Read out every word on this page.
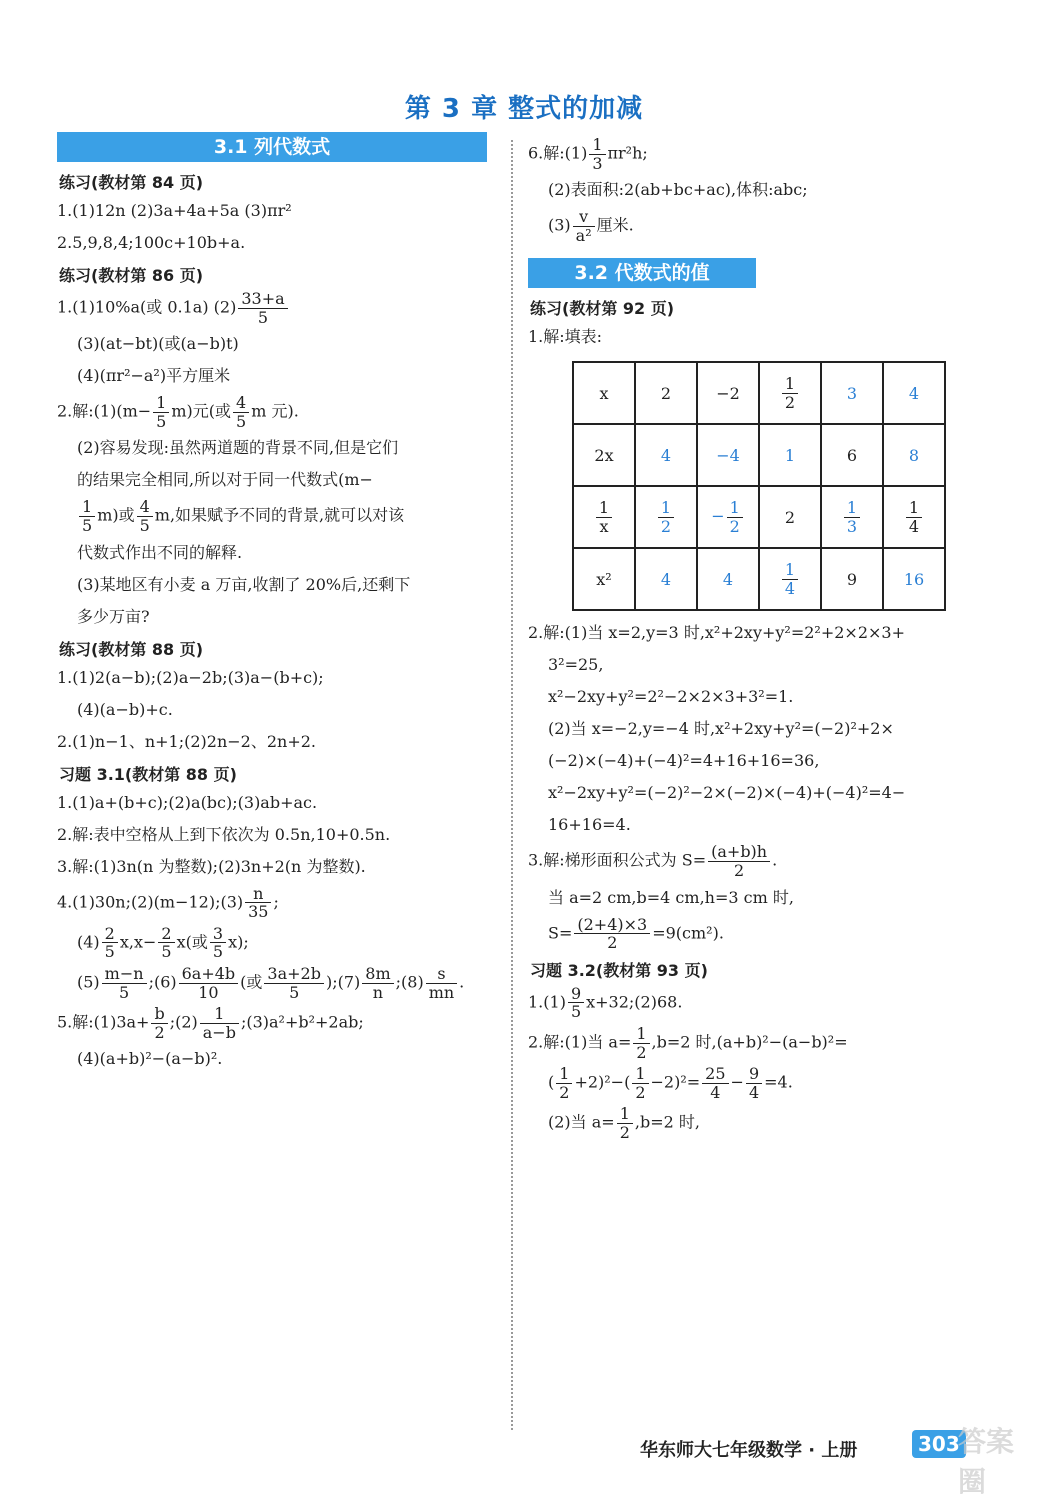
第 3 章 整式的加减
3.1 列代数式
练习(教材第 84 页)
1.(1)12n (2)3a+4a+5a (3)πr²
2.5,9,8,4;100c+10b+a.
练习(教材第 86 页)
1.(1)10%a(或 0.1a) $(2) \frac{33+a}{5}$
(3)(at−bt)(或(a−b)t)
(4)(πr²−a²)平方厘米
2.解:(1)(m− $\frac{1}{5} m$)元(或 $\frac{4}{5}$ m 元).
(2)容易发现:虽然两道题的背景不同,但是它们
的结果完全相同,所以对于同一代数式(m−
$\frac{1}{5} m$)或 $\frac{4}{5} m$,如果赋予不同的背景,就可以对该
代数式作出不同的解释.
(3)某地区有小麦 a 万亩,收割了 20%后,还剩下
多少万亩?
练习(教材第 88 页)
1.(1)2(a−b);(2)a−2b;(3)a−(b+c);
(4)(a−b)+c.
2.(1)n−1、n+1;(2)2n−2、2n+2.
习题 3.1(教材第 88 页)
1.(1)a+(b+c);(2)a(bc);(3)ab+ac.
2.解:表中空格从上到下依次为 0.5n,10+0.5n.
3.解:(1)3n(n 为整数);(2)3n+2(n 为整数).
4.(1)30n;(2)(m−12);(3) $\frac{n}{35}$ ;
$(4) \frac{2}{5} x,x- \frac{2}{5} x$(或 $\frac{3}{5} x$);
$(5) \frac{m-n}{5}$ ;(6) $\frac{6a+4b}{10}$ (或 $\frac{3a+2b}{5}$ );(7) $\frac{8m}{n}$ ;(8) $\frac{s}{mn}$ .
5.解:(1)3a+ $\frac{b}{2}$ ;(2) $\frac{1}{a-b}$ ;(3)a²+b²+2ab;
(4)(a+b)²−(a−b)².
6.解:(1) $\frac{1}{3} \pi r^2h$;
(2)表面积:2(ab+bc+ac),体积:abc;
$(3) \frac{v}{\text{a²}}$ 厘米.
3.2 代数式的值
练习(教材第 92 页)
1.解:填表:
x	2	−2	$\frac{1}{2}$	3	4
2x	4	−4	1	6	8

$\frac{1}{x}$	$\frac{1}{2}$	− $\frac{1}{2}$	2	$\frac{1}{3}$	$\frac{1}{4}$

x²	4	4	$\frac{1}{4}$	9	16
2.解:(1)当 x=2,y=3 时,x²+2xy+y²=2²+2×2×3+
3²=25,
x²−2xy+y²=2²−2×2×3+3²=1.
(2)当 x=−2,y=−4 时,x²+2xy+y²=(−2)²+2×
(−2)×(−4)+(−4)²=4+16+16=36,
x²−2xy+y²=(−2)²−2×(−2)×(−4)+(−4)²=4−
16+16=4.
3.解:梯形面积公式为 $S= \frac{(a+b)h}{2}$ .
当 a=2 cm,b=4 cm,h=3 cm 时,
$S= \frac{(2+4)\times 3}{2} =9(cm^2)$.
习题 3.2(教材第 93 页)
$1.(1) \frac{9}{5}$ x+32;(2)68.
2.解:(1)当 $a= \frac{1}{2} ,b=2$ 时,(a+b)²−(a−b)²=
( $\frac{1}{2} +2)^2-( \frac{1}{2} -2)^2= \frac{25}{4} - \frac{9}{4} =4$.
(2)当 $a= \frac{1}{2} ,b=2$ 时,
华东师大七年级数学 · 上册	303
答案圈
